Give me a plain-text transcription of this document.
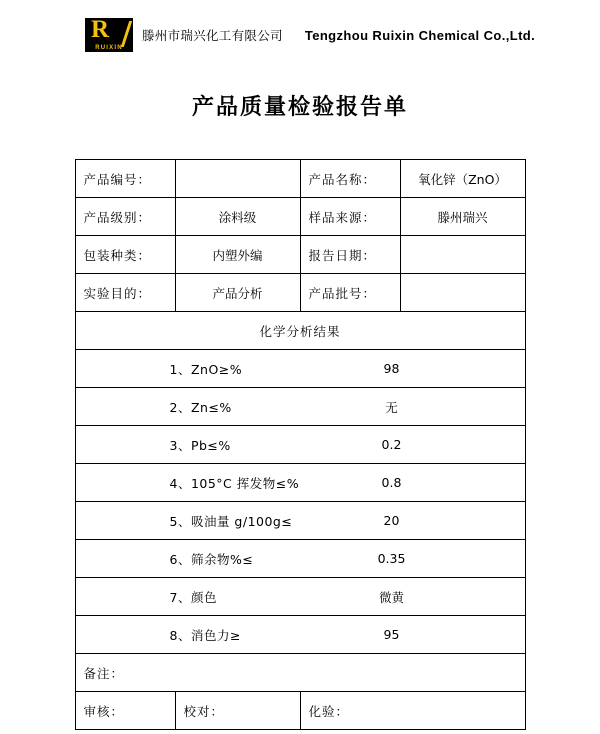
R
RUIXIN
滕州市瑞兴化工有限公司 Tengzhou Ruixin Chemical Co.,Ltd.
产品质量检验报告单
产品编号：		产品名称：	氧化锌（ZnO）
产品级别：	涂料级	样品来源：	滕州瑞兴
包装种类：	内塑外编	报告日期：	
实验目的：	产品分析	产品批号：	
化学分析结果			

1、ZnO≥% 98			

2、Zn≤% 无			

3、Pb≤% 0.2			

4、105°C 挥发物≤% 0.8			

5、吸油量 g/100g≤ 20			

6、筛余物%≤ 0.35			

7、颜色 微黄			

8、消色力≥ 95			

备注：			
审核：	校对：	化验：	
